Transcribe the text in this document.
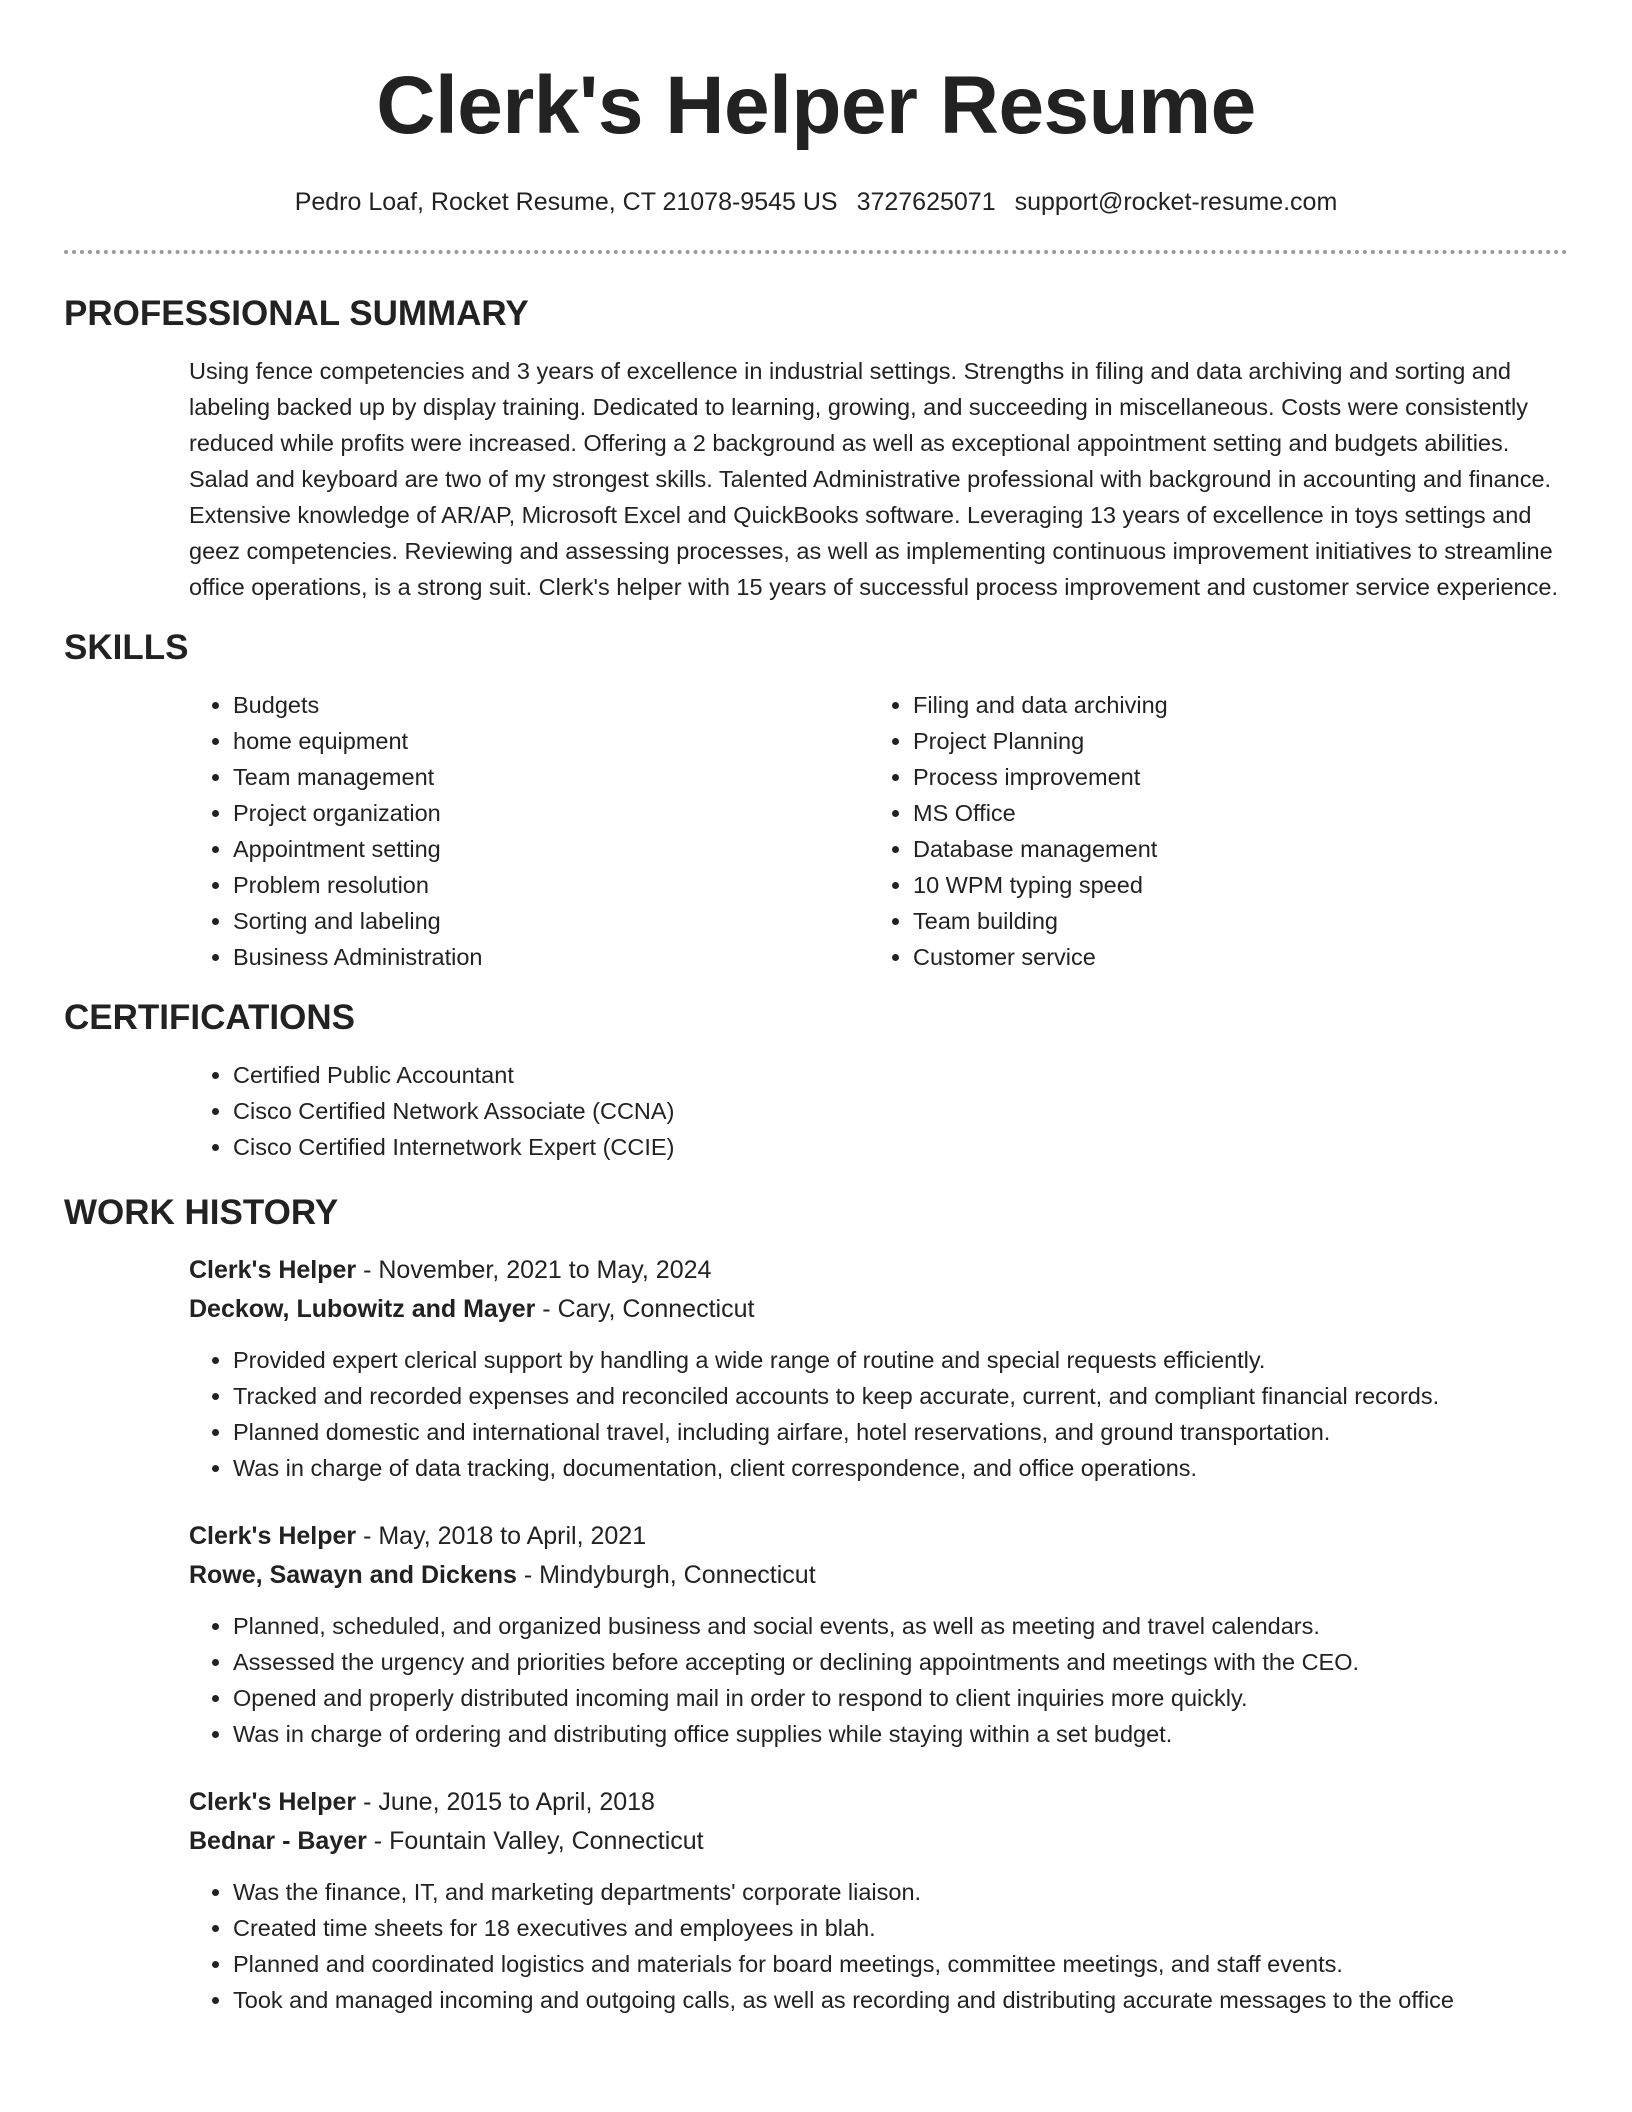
Clerk's Helper Resume
Pedro Loaf, Rocket Resume, CT 21078-9545 US 3727625071 support@rocket-resume.com
PROFESSIONAL SUMMARY

Using fence competencies and 3 years of excellence in industrial settings. Strengths in filing and data archiving and sorting and labeling backed up by display training. Dedicated to learning, growing, and succeeding in miscellaneous. Costs were consistently reduced while profits were increased. Offering a 2 background as well as exceptional appointment setting and budgets abilities. Salad and keyboard are two of my strongest skills. Talented Administrative professional with background in accounting and finance. Extensive knowledge of AR/AP, Microsoft Excel and QuickBooks software. Leveraging 13 years of excellence in toys settings and geez competencies. Reviewing and assessing processes, as well as implementing continuous improvement initiatives to streamline office operations, is a strong suit. Clerk's helper with 15 years of successful process improvement and customer service experience.

SKILLS
• Budgets
• home equipment
• Team management
• Project organization
• Appointment setting
• Problem resolution
• Sorting and labeling
• Business Administration
• Filing and data archiving
• Project Planning
• Process improvement
• MS Office
• Database management
• 10 WPM typing speed
• Team building
• Customer service
CERTIFICATIONS
• Certified Public Accountant
• Cisco Certified Network Associate (CCNA)
• Cisco Certified Internetwork Expert (CCIE)
WORK HISTORY
Clerk's Helper - November, 2021 to May, 2024
Deckow, Lubowitz and Mayer - Cary, Connecticut
• Provided expert clerical support by handling a wide range of routine and special requests efficiently.
• Tracked and recorded expenses and reconciled accounts to keep accurate, current, and compliant financial records.
• Planned domestic and international travel, including airfare, hotel reservations, and ground transportation.
• Was in charge of data tracking, documentation, client correspondence, and office operations.
Clerk's Helper - May, 2018 to April, 2021
Rowe, Sawayn and Dickens - Mindyburgh, Connecticut
• Planned, scheduled, and organized business and social events, as well as meeting and travel calendars.
• Assessed the urgency and priorities before accepting or declining appointments and meetings with the CEO.
• Opened and properly distributed incoming mail in order to respond to client inquiries more quickly.
• Was in charge of ordering and distributing office supplies while staying within a set budget.
Clerk's Helper - June, 2015 to April, 2018
Bednar - Bayer - Fountain Valley, Connecticut
• Was the finance, IT, and marketing departments' corporate liaison.
• Created time sheets for 18 executives and employees in blah.
• Planned and coordinated logistics and materials for board meetings, committee meetings, and staff events.
• Took and managed incoming and outgoing calls, as well as recording and distributing accurate messages to the office
